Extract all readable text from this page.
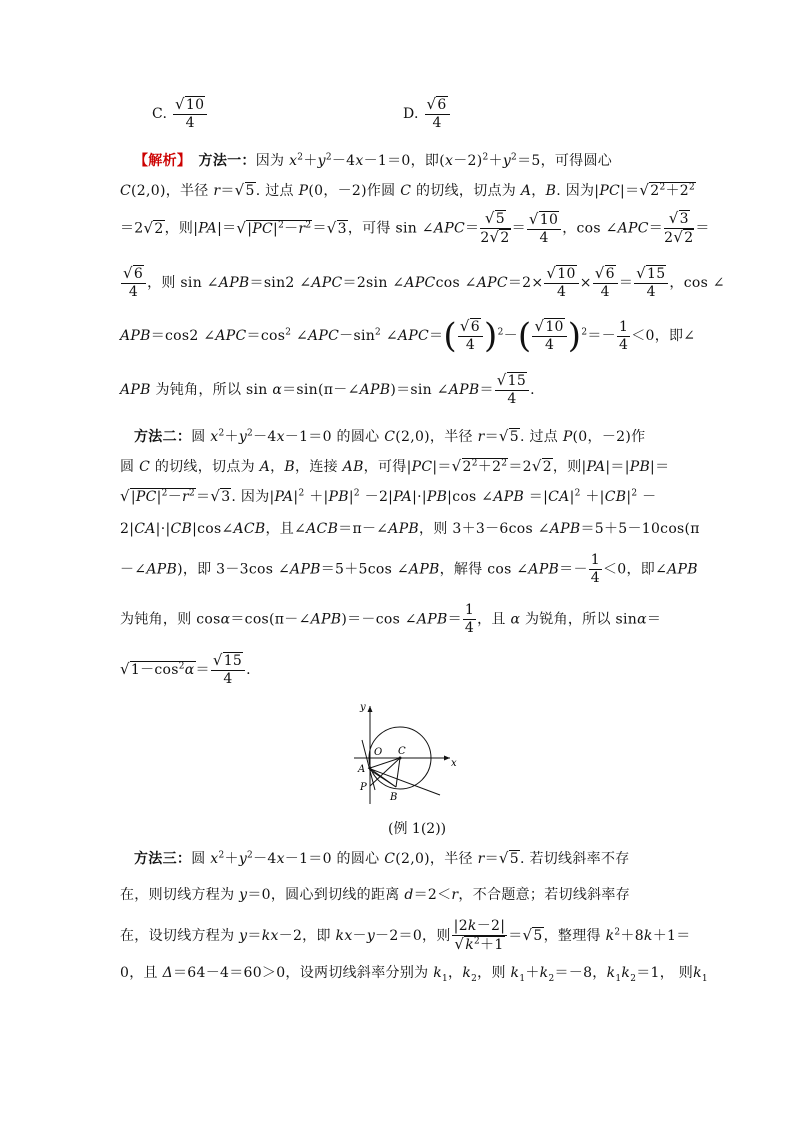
C. $\frac{√10}{4}$	D. $\frac{√6}{4}$
【解析】　 方法一：因为 $x^2+y^2-4x-1=0$，即$(x-2)^2+y^2=5$，可得圆心
C(2,0)，半径 r＝√5. 过点 P(0，－2)作圆 C 的切线，切点为 A，B. 因为$|PC|=√2^2+2^2$
＝2√2，则$|PA|=√|PC|^2-r^2=√3$，可得 sin ∠APC＝ $\frac{√5}{2√2} = \frac{√10}{4}$ ，cos ∠APC＝ $\frac{√3}{2√2}$ ＝
$\frac{√6}{4}$ ，则 sin ∠APB＝sin2 ∠APC＝2sin ∠APCcos ∠APC＝2× $\frac{√10}{4} \times \frac{√6}{4} = \frac{√15}{4}$ ，cos ∠
APB＝cos2 $\angle APC=\cos^2$ $\angle APC-\sin^2$ ∠APC＝( $\frac{√6}{4} )^2-( \frac{√10}{4} )^2=- \frac{1}{4} <0$，即∠
APB 为钝角，所以 sin α＝sin(π－∠APB)＝sin ∠APB＝ $\frac{√15}{4}$ .
方法二：圆 $x^2+y^2-4x-1=0$ 的圆心 C(2,0)，半径 r＝√5. 过点 P(0，－2)作
圆 C 的切线，切点为 A，B，连接 AB，可得$|PC|=√2^2+2^2=2√2$，则|PA|＝|PB|＝
$√|PC|^2-r^2=√3$. 因为$|PA|^2 +|PB|^2 -2|PA|\cdot|PB|\cos$ ∠APB $=|CA|^2 +|CB|^2$ －
2|CA|·|CB|cos∠ACB，且∠ACB＝π－∠APB，则 3＋3－6cos ∠APB＝5＋5－10cos(π
－∠APB)，即 3－3cos ∠APB＝5＋5cos ∠APB，解得 cos ∠APB＝－ $\frac{1}{4} <0$，即∠APB
为钝角，则 cosα＝cos(π－∠APB)＝－cos ∠APB＝ $\frac{1}{4}$ ，且 α 为锐角，所以 sinα＝
$√1-\cos^2\alpha= \frac{√15}{4}$ .
x
y
O C
A
P
B
(例 1(2))
方法三：圆 $x^2+y^2-4x-1=0$ 的圆心 C(2,0)，半径 r＝√5. 若切线斜率不存
在，则切线方程为 y＝0，圆心到切线的距离 d＝2＜r，不合题意；若切线斜率存
在，设切线方程为 y＝kx－2，即 kx－y－2＝0，则 $\frac{|2k-2|}{√k^2+1} =√5$，整理得 $k^2+8k+1=$
0，且 Δ＝64－4＝60＞0，设两切线斜率分别为 $k_1$，$k_2$，则 $k_1+k_2=-8$，$k_1k_2=1$， 则$k_1$
